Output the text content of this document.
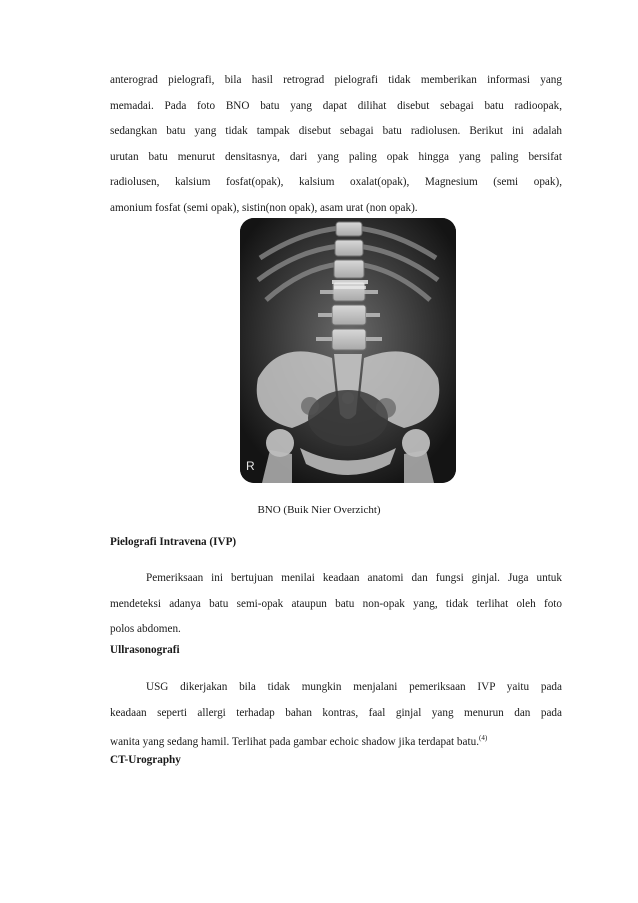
anterograd pielografi, bila hasil retrograd pielografi tidak memberikan informasi yang
memadai. Pada foto BNO batu yang dapat dilihat disebut sebagai batu radioopak,
sedangkan batu yang tidak tampak disebut sebagai batu radiolusen. Berikut ini adalah
urutan batu menurut densitasnya, dari yang paling opak hingga yang paling bersifat
radiolusen, kalsium fosfat(opak), kalsium oxalat(opak), Magnesium (semi opak),
amonium fosfat (semi opak), sistin(non opak), asam urat (non opak).
R

BNO (Buik Nier Overzicht)

Pielografi Intravena (IVP)

Pemeriksaan ini bertujuan menilai keadaan anatomi dan fungsi ginjal. Juga untuk
mendeteksi adanya batu semi-opak ataupun batu non-opak yang, tidak terlihat oleh foto
polos abdomen.

Ullrasonografi

USG dikerjakan bila tidak mungkin menjalani pemeriksaan IVP yaitu pada
keadaan seperti allergi terhadap bahan kontras, faal ginjal yang menurun dan pada
wanita yang sedang hamil. Terlihat pada gambar echoic shadow jika terdapat batu.$^{(4)}$

CT-Urography
